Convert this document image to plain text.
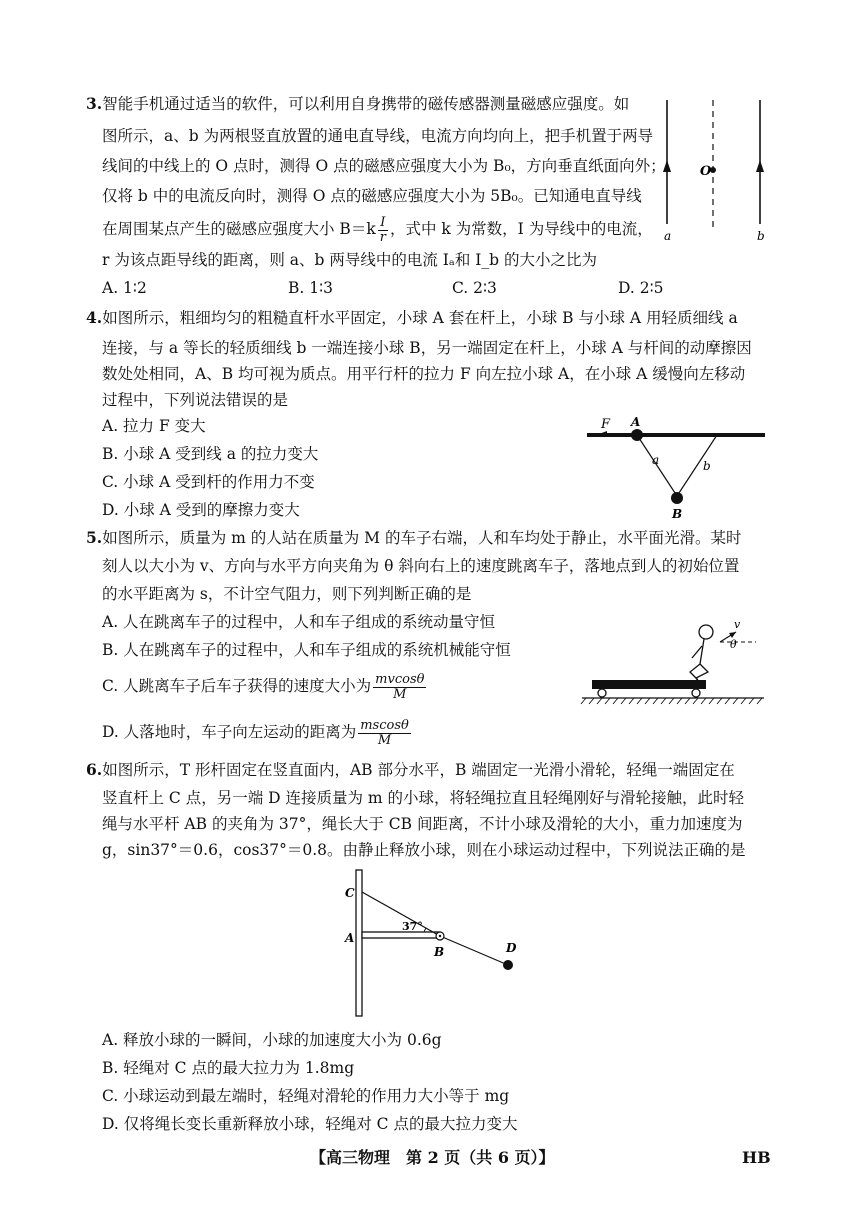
3.智能手机通过适当的软件，可以利用自身携带的磁传感器测量磁感应强度。如
图所示，a、b 为两根竖直放置的通电直导线，电流方向均向上，把手机置于两导
线间的中线上的 O 点时，测得 O 点的磁感应强度大小为 B₀，方向垂直纸面向外；
仅将 b 中的电流反向时，测得 O 点的磁感应强度大小为 5B₀。已知通电直导线
在周围某点产生的磁感应强度大小 $B=k \frac{I}{r}$ ，式中 k 为常数，I 为导线中的电流，
r 为该点距导线的距离，则 a、b 两导线中的电流 Iₐ和 I_b 的大小之比为
A. 1∶2	B. 1∶3	C. 2∶3	D. 2∶5
O
a	b
4.如图所示，粗细均匀的粗糙直杆水平固定，小球 A 套在杆上，小球 B 与小球 A 用轻质细线 a
连接，与 a 等长的轻质细线 b 一端连接小球 B，另一端固定在杆上，小球 A 与杆间的动摩擦因
数处处相同，A、B 均可视为质点。用平行杆的拉力 F 向左拉小球 A，在小球 A 缓慢向左移动
过程中，下列说法错误的是
A. 拉力 F 变大
B. 小球 A 受到线 a 的拉力变大
C. 小球 A 受到杆的作用力不变
D. 小球 A 受到的摩擦力变大
F A
a	b
B
5.如图所示，质量为 m 的人站在质量为 M 的车子右端，人和车均处于静止，水平面光滑。某时
刻人以大小为 v、方向与水平方向夹角为 θ 斜向右上的速度跳离车子，落地点到人的初始位置
的水平距离为 s，不计空气阻力，则下列判断正确的是
A. 人在跳离车子的过程中，人和车子组成的系统动量守恒
B. 人在跳离车子的过程中，人和车子组成的系统机械能守恒
C. 人跳离车子后车子获得的速度大小为 $\frac{mvcos\theta}{M}$
D. 人落地时，车子向左运动的距离为 $\frac{mscos\theta}{M}$
v
θ
6.如图所示，T 形杆固定在竖直面内，AB 部分水平，B 端固定一光滑小滑轮，轻绳一端固定在
竖直杆上 C 点，另一端 D 连接质量为 m 的小球，将轻绳拉直且轻绳刚好与滑轮接触，此时轻
绳与水平杆 AB 的夹角为 37°，绳长大于 CB 间距离，不计小球及滑轮的大小，重力加速度为
g，sin37°＝0.6，cos37°＝0.8。由静止释放小球，则在小球运动过程中，下列说法正确的是
37°
C
A
B	D
A. 释放小球的一瞬间，小球的加速度大小为 0.6g
B. 轻绳对 C 点的最大拉力为 1.8mg
C. 小球运动到最左端时，轻绳对滑轮的作用力大小等于 mg
D. 仅将绳长变长重新释放小球，轻绳对 C 点的最大拉力变大
【高三物理　第 2 页（共 6 页）】	HB
